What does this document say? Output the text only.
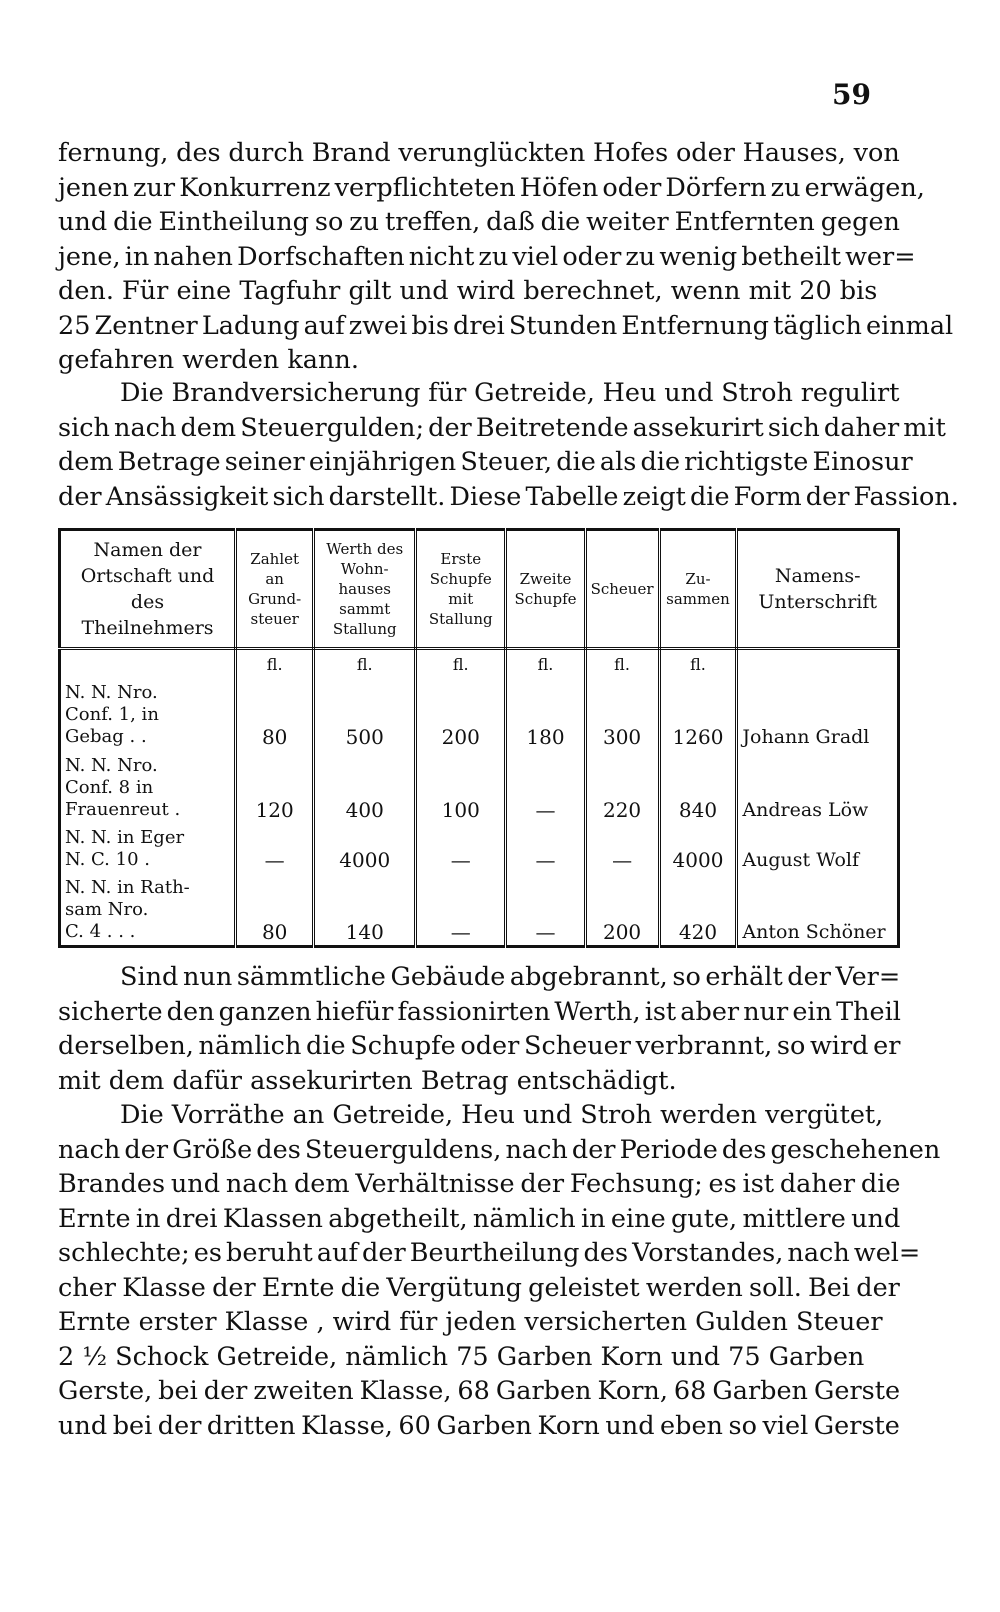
59
fernung, des durch Brand verunglückten Hofes oder Hauses, von
jenen zur Konkurrenz verpflichteten Höfen oder Dörfern zu erwägen,
und die Eintheilung so zu treffen, daß die weiter Entfernten gegen
jene, in nahen Dorfschaften nicht zu viel oder zu wenig betheilt wer=
den. Für eine Tagfuhr gilt und wird berechnet, wenn mit 20 bis
25 Zentner Ladung auf zwei bis drei Stunden Entfernung täglich einmal
gefahren werden kann.
Die Brandversicherung für Getreide, Heu und Stroh regulirt
sich nach dem Steuergulden; der Beitretende assekurirt sich daher mit
dem Betrage seiner einjährigen Steuer, die als die richtigste Einosur
der Ansässigkeit sich darstellt. Diese Tabelle zeigt die Form der Fassion.
Namen der Ortschaft und des Theilnehmers	Zahlet an Grund- steuer	Werth des Wohn- hauses sammt Stallung	Erste Schupfe mit Stallung	Zweite Schupfe	Scheuer	Zu- sammen	Namens- Unterschrift
	fl.	fl.	fl.	fl.	fl.	fl.	

N. N. Nro.
Conf. 1, in
Gebag . .	80	500	200	180	300	1260	Johann Gradl

N. N. Nro.
Conf. 8 in
Frauenreut .	120	400	100	—	220	840	Andreas Löw

N. N. in Eger
N. C. 10 .	—	4000	—	—	—	4000	August Wolf

N. N. in Rath-
sam Nro.
C. 4 . . .	80	140	—	—	200	420	Anton Schöner
Sind nun sämmtliche Gebäude abgebrannt, so erhält der Ver=
sicherte den ganzen hiefür fassionirten Werth, ist aber nur ein Theil
derselben, nämlich die Schupfe oder Scheuer verbrannt, so wird er
mit dem dafür assekurirten Betrag entschädigt.
Die Vorräthe an Getreide, Heu und Stroh werden vergütet,
nach der Größe des Steuerguldens, nach der Periode des geschehenen
Brandes und nach dem Verhältnisse der Fechsung; es ist daher die
Ernte in drei Klassen abgetheilt, nämlich in eine gute, mittlere und
schlechte; es beruht auf der Beurtheilung des Vorstandes, nach wel=
cher Klasse der Ernte die Vergütung geleistet werden soll. Bei der
Ernte erster Klasse , wird für jeden versicherten Gulden Steuer
2 ½ Schock Getreide, nämlich 75 Garben Korn und 75 Garben
Gerste, bei der zweiten Klasse, 68 Garben Korn, 68 Garben Gerste
und bei der dritten Klasse, 60 Garben Korn und eben so viel Gerste
